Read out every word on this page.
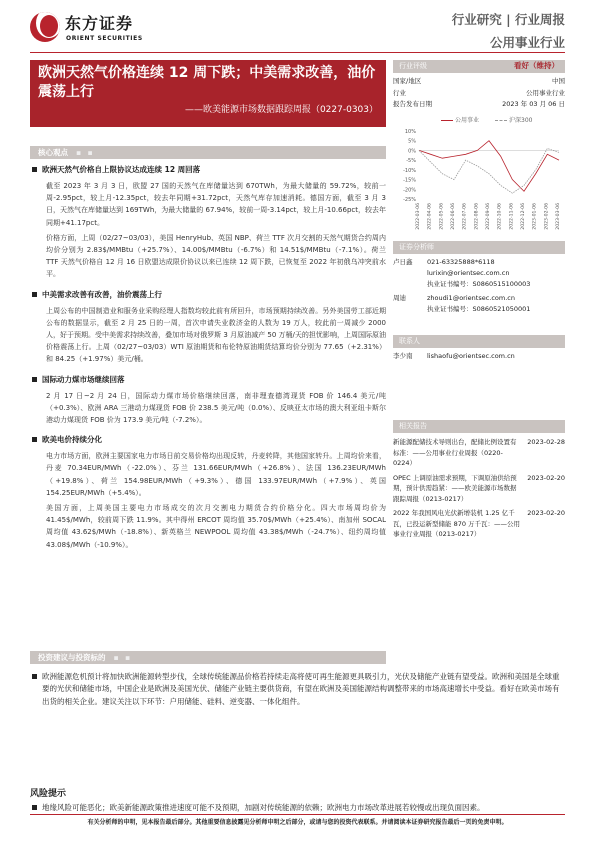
东方证券
ORIENT SECURITIES
行业研究 | 行业周报
公用事业行业
欧洲天然气价格连续 12 周下跌；中美需求改善，油价震荡上行
——欧美能源市场数据跟踪周报（0227-0303）
行业评级	看好（维持）
国家/地区	中国
行业	公用事业行业
报告发布日期	2023 年 03 月 06 日
公用事业	沪深300
10%
5%
0%
-5%
-10%
-15%
-20%
-25%
2022-03-06 2022-04-06 2022-05-06 2022-06-06 2022-07-06 2022-08-06 2022-09-06 2022-10-06 2022-11-06 2022-12-06 2023-01-06 2023-02-06 2023-03-06
证券分析师
卢日鑫	021-63325888*6118
lurixin@orientsec.com.cn
执业证书编号：S0860515100003
周迪	zhoudi1@orientsec.com.cn
执业证书编号：S0860521050001
联系人
李少南	lishaofu@orientsec.com.cn
相关报告
新能源配储技术导则出台，配储比例设置有标准：——公用事业行业周报（0220-0224）
2023-02-28
OPEC 上调原油需求预期，下调原油供给预期，预计供需趋紧：——欧美能源市场数据跟踪周报（0213-0217）
2023-02-20
2022 年我国风电光伏新增装机 1.25 亿千瓦，已投运新型储能 870 万千瓦：——公用事业行业周报（0213-0217）
2023-02-20
核心观点 ▪ ▪
欧洲天然气价格自上限协议达成连续 12 周回落
截至 2023 年 3 月 3 日，欧盟 27 国的天然气在库储量达到 670TWh，为最大储量的 59.72%，较前一周-2.95pct，较上月-12.35pct，较去年同期+31.72pct，天然气库存加速消耗。德国方面，截至 3 月 3 日，天然气在库储量达到 169TWh，为最大储量的 67.94%，较前一周-3.14pct，较上月-10.66pct，较去年同期+41.17pct。
价格方面，上周（02/27~03/03），美国 HenryHub、英国 NBP、荷兰 TTF 次月交割的天然气期货合约周内均价分别为 2.83$/MMBtu（+25.7%）、14.00$/MMBtu（-6.7%）和 14.51$/MMBtu（-7.1%）。荷兰 TTF 天然气价格自 12 月 16 日欧盟达成限价协议以来已连续 12 周下跌，已恢复至 2022 年初俄乌冲突前水平。
中美需求改善有改善，油价震荡上行
上周公布的中国制造业和服务业采购经理人指数均较此前有所回升，市场预期持续改善。另外美国劳工部近期公布的数据显示，截至 2 月 25 日的一周，首次申请失业救济金的人数为 19 万人，较此前一周减少 2000 人，好于预期。受中美需求持续改善，叠加市场对俄罗斯 3 月原油减产 50 万桶/天的担忧影响，上周国际原油价格震荡上行。上周（02/27~03/03）WTI 原油期货和布伦特原油期货结算均价分别为 77.65（+2.31%）和 84.25（+1.97%）美元/桶。
国际动力煤市场继续回落
2 月 17 日~2 月 24 日，国际动力煤市场价格继续回落，南非理查德湾现货 FOB 价 146.4 美元/吨（+0.3%）、欧洲 ARA 三港动力煤现货 FOB 价 238.5 美元/吨（0.0%）、反映亚太市场的澳大利亚纽卡斯尔港动力煤现货 FOB 价为 173.9 美元/吨（-7.2%）。
欧美电价持续分化
电力市场方面，欧洲主要国家电力市场日前交易价格均出现反转，丹麦转降，其他国家转升。上周均价来看，丹麦 70.34EUR/MWh（-22.0%）、芬兰 131.66EUR/MWh（+26.8%）、法国 136.23EUR/MWh（+19.8%）、荷兰 154.98EUR/MWh（+9.3%）、德国 133.97EUR/MWh（+7.9%）、英国 154.25EUR/MWh（+5.4%）。
美国方面，上周美国主要电力市场成交的次月交割电力期货合约价格分化。四大市场周均价为 41.45$/MWh，较前周下跌 11.9%。其中得州 ERCOT 周均值 35.70$/MWh（+25.4%）、南加州 SOCAL 周均值 43.62$/MWh（-18.8%）、新英格兰 NEWPOOL 周均值 43.38$/MWh（-24.7%）、纽约周均值 43.08$/MWh（-10.9%）。
投资建议与投资标的 ▪ ▪
欧洲能源危机预计将加快欧洲能源转型步伐，全球传统能源品价格若持续走高将使可再生能源更具吸引力，光伏及储能产业链有望受益。欧洲和美国是全球重要的光伏和储能市场，中国企业是欧洲及美国光伏、储能产业链主要供货商，有望在欧洲及美国能源结构调整带来的市场高速增长中受益。看好在欧美市场有出货的相关企业。建议关注以下环节：户用储能、硅料、逆变器、一体化组件。
风险提示
地缘风险可能恶化；欧美新能源政策推进速度可能不及预期，加剧对传统能源的依赖；欧洲电力市场改革进展若较慢或出现负面因素。
有关分析师的申明，见本报告最后部分。其他重要信息披露见分析师申明之后部分，或请与您的投资代表联系。并请阅读本证券研究报告最后一页的免责申明。
